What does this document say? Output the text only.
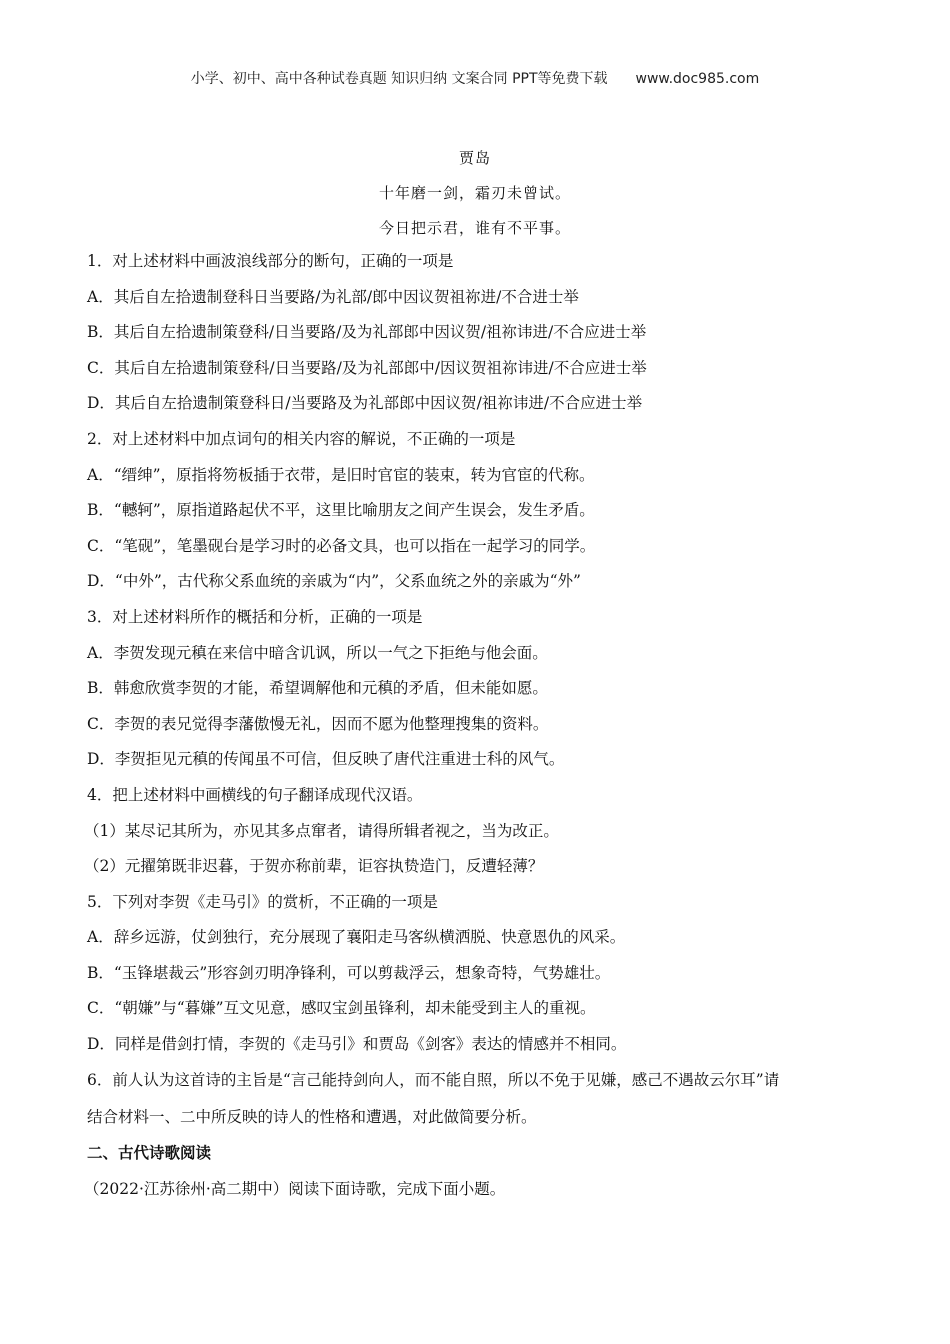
小学、初中、高中各种试卷真题 知识归纳 文案合同 PPT等免费下载 www.doc985.com
贾岛
十年磨一剑，霜刃未曾试。
今日把示君，谁有不平事。
1．对上述材料中画波浪线部分的断句，正确的一项是
A．其后自左拾遗制登科日当要路/为礼部/郎中因议贺祖祢进/不合进士举
B．其后自左拾遗制策登科/日当要路/及为礼部郎中因议贺/祖祢讳进/不合应进士举
C．其后自左拾遗制策登科/日当要路/及为礼部郎中/因议贺祖祢讳进/不合应进士举
D．其后自左拾遗制策登科日/当要路及为礼部郎中因议贺/祖祢讳进/不合应进士举
2．对上述材料中加点词句的相关内容的解说，不正确的一项是
A．“缙绅”，原指将笏板插于衣带，是旧时官宦的装束，转为官宦的代称。
B．“轗轲”，原指道路起伏不平，这里比喻朋友之间产生误会，发生矛盾。
C．“笔砚”，笔墨砚台是学习时的必备文具，也可以指在一起学习的同学。
D．“中外”，古代称父系血统的亲戚为“内”，父系血统之外的亲戚为“外”
3．对上述材料所作的概括和分析，正确的一项是
A．李贺发现元稹在来信中暗含讥讽，所以一气之下拒绝与他会面。
B．韩愈欣赏李贺的才能，希望调解他和元稹的矛盾，但未能如愿。
C．李贺的表兄觉得李藩傲慢无礼，因而不愿为他整理搜集的资料。
D．李贺拒见元稹的传闻虽不可信，但反映了唐代注重进士科的风气。
4．把上述材料中画横线的句子翻译成现代汉语。
（1）某尽记其所为，亦见其多点窜者，请得所辑者视之，当为改正。
（2）元擢第既非迟暮，于贺亦称前辈，讵容执贽造门，反遭轻薄？
5．下列对李贺《走马引》的赏析，不正确的一项是
A．辞乡远游，仗剑独行，充分展现了襄阳走马客纵横洒脱、快意恩仇的风采。
B．“玉锋堪裁云”形容剑刃明净锋利，可以剪裁浮云，想象奇特，气势雄壮。
C．“朝嫌”与“暮嫌”互文见意，感叹宝剑虽锋利，却未能受到主人的重视。
D．同样是借剑打情，李贺的《走马引》和贾岛《剑客》表达的情感并不相同。
6．前人认为这首诗的主旨是“言己能持剑向人，而不能自照，所以不免于见嫌，感己不遇故云尔耳”请
结合材料一、二中所反映的诗人的性格和遭遇，对此做简要分析。
二、古代诗歌阅读
（2022·江苏徐州·高二期中）阅读下面诗歌，完成下面小题。
